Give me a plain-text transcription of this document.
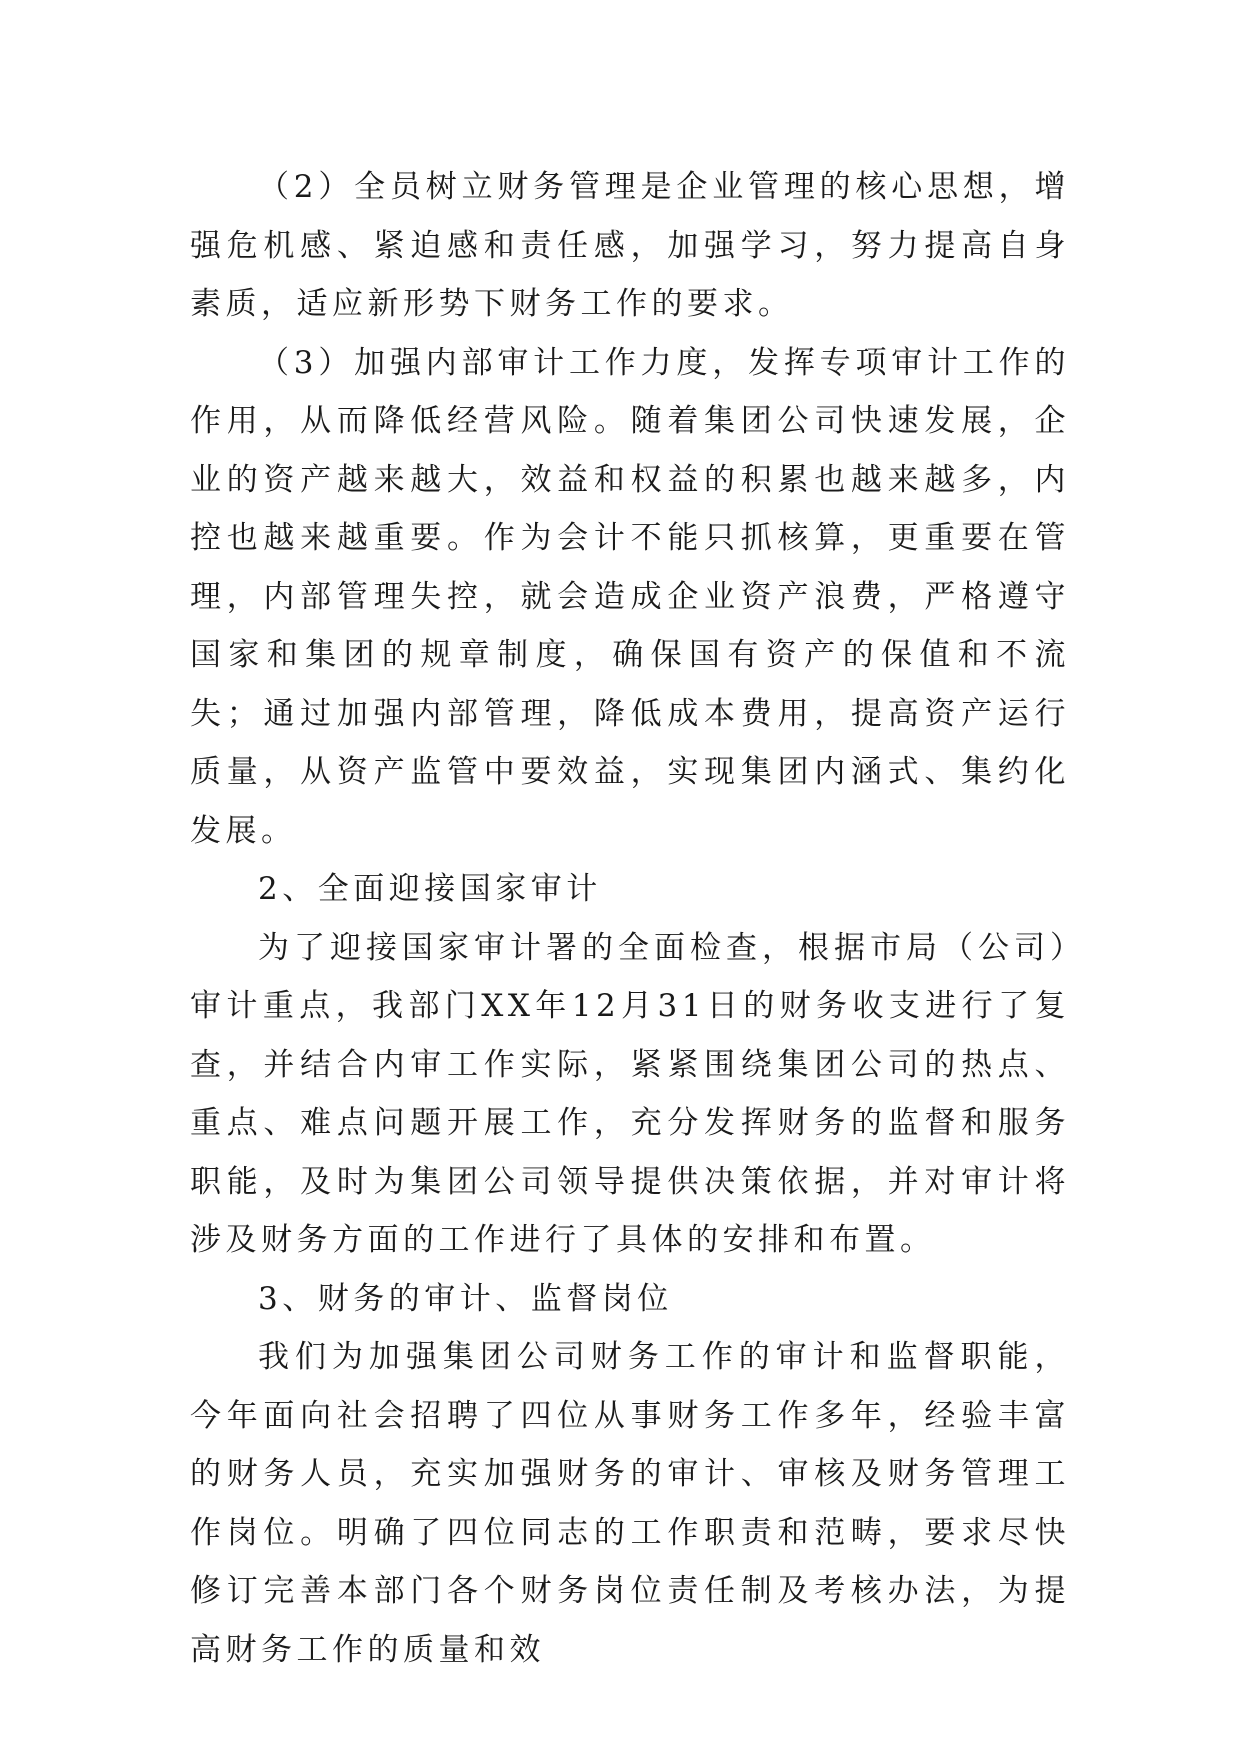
（2）全员树立财务管理是企业管理的核心思想，增强危机感、紧迫感和责任感，加强学习，努力提高自身素质，适应新形势下财务工作的要求。

（3）加强内部审计工作力度，发挥专项审计工作的作用，从而降低经营风险。随着集团公司快速发展，企业的资产越来越大，效益和权益的积累也越来越多，内控也越来越重要。作为会计不能只抓核算，更重要在管理，内部管理失控，就会造成企业资产浪费，严格遵守国家和集团的规章制度，确保国有资产的保值和不流失；通过加强内部管理，降低成本费用，提高资产运行质量，从资产监管中要效益，实现集团内涵式、集约化发展。

2、全面迎接国家审计

为了迎接国家审计署的全面检查，根据市局（公司）审计重点，我部门XX年12月31日的财务收支进行了复查，并结合内审工作实际，紧紧围绕集团公司的热点、重点、难点问题开展工作，充分发挥财务的监督和服务职能，及时为集团公司领导提供决策依据，并对审计将涉及财务方面的工作进行了具体的安排和布置。

3、财务的审计、监督岗位

我们为加强集团公司财务工作的审计和监督职能，今年面向社会招聘了四位从事财务工作多年，经验丰富的财务人员，充实加强财务的审计、审核及财务管理工作岗位。明确了四位同志的工作职责和范畴，要求尽快修订完善本部门各个财务岗位责任制及考核办法，为提高财务工作的质量和效
